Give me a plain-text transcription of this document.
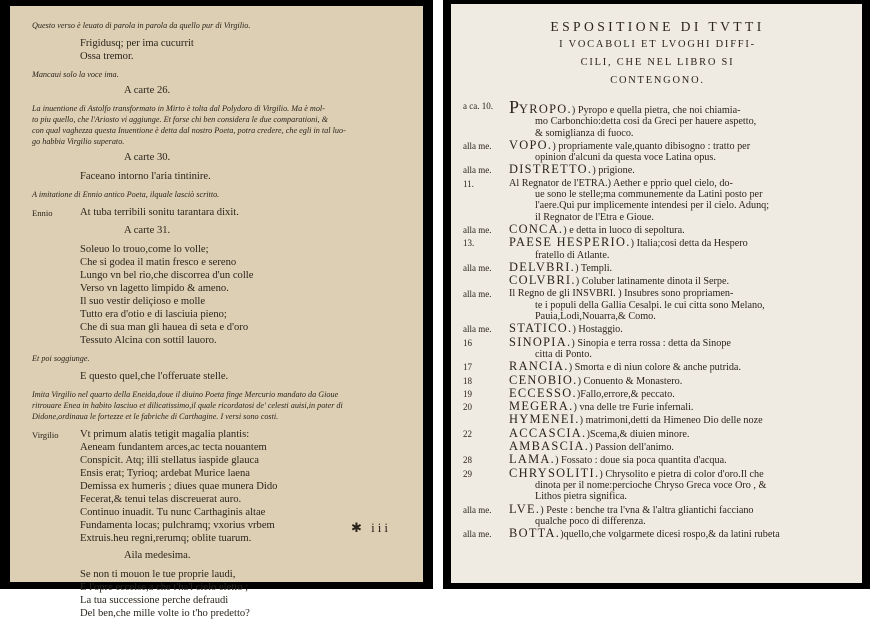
Questo verso è leuato di parola in parola da quello pur di Virgilio.
Frigidusq; per ima cucurrit
Ossa tremor.
Mancaui solo la voce ima.
A carte 26.
La inuentione di Astolfo transformato in Mirto è tolta dal Polydoro di Virgilio. Ma è mol-
to piu quello, che l'Ariosto vi aggiunge. Et forse chi ben considera le due comparationi, &
con qual vaghezza questa Inuentione è detta dal nostro Poeta, potra credere, che egli in tal luo-
go habbia Virgilio superato.
A carte 30.
Faceano intorno l'aria tintinire.
A imitatione di Ennio antico Poeta, ilquale lasciò scritto.
Ennio	At tuba terribili sonitu tarantara dixit.
A carte 31.
Soleuo lo trouo,come lo volle;
Che si godea il matin fresco e sereno
Lungo vn bel rio,che discorrea d'un colle
Verso vn lagetto limpido & ameno.
Il suo vestir deliçioso e molle
Tutto era d'otio e di lasciuia pieno;
Che di sua man gli hauea di seta e d'oro
Tessuto Alcina con sottil lauoro.
Et poi soggiunge.
E questo quel,che l'offeruate stelle.
Imita Virgilio nel quarto della Eneida,doue il diuino Poeta finge Mercurio mandato da Gioue
ritrouare Enea in habito lasciuo et dilicatissimo,il quale ricordatosi de' celesti auisi,in poter di
Didone,ordinaua le fortezze et le fabriche di Carthagine. I versi sono costi.
Virgilio	Vt primum alatis tetigit magalia plantis:
Aeneam fundantem arces,ac tecta nouantem
Conspicit. Atq; illi stellatus iaspide glauca
Ensis erat; Tyrioq; ardebat Murice laena
Demissa ex humeris ; diues quae munera Dido
Fecerat,& tenui telas discreuerat auro.
Continuo inuadit. Tu nunc Carthaginis altae
Fundamenta locas; pulchramq; vxorius vrbem
Extruis.heu regni,rerumq; oblite tuarum.
Aila medesima.
Se non ti mouon le tue proprie laudi,
E l'opre eccelse,a che t'ha'l cielo eletto ;
La tua successione perche defraudi
Del ben,che mille volte io t'ho predetto?
✱ iii
ESPOSITIONE DI TVTTI
I VOCABOLI ET LVOGHI DIFFI-
CILI, CHE NEL LIBRO SI
CONTENGONO.
a ca. 10. PYROPO.) Pyropo e quella pietra, che noi chiamia-
mo Carbonchio:detta cosi da Greci per hauere aspetto,
& somiglianza di fuoco.
alla me.	VOPO.) propriamente vale,quanto dibisogno : tratto per
opinion d'alcuni da questa voce Latina opus.
alla me.	DISTRETTO.) prigione.
11.	Al Regnator de l'ETRA.) Aether e pprio quel cielo, do-
ue sono le stelle;ma communemente da Latini posto per
l'aere.Qui pur implicemente intendesi per il cielo. Adunq;
il Regnator de l'Etra e Gioue.
alla me.	CONCA.) e detta in luoco di sepoltura.
13.	PAESE HESPERIO.) Italia;cosi detta da Hespero
fratello di Atlante.
alla me.	DELVBRI.) Templi.
COLVBRI.) Coluber latinamente dinota il Serpe.
alla me.	Il Regno de gli INSVBRI. ) Insubres sono propriamen-
te i populi della Gallia Cesalpi. le cui citta sono Melano,
Pauia,Lodi,Nouarra,& Como.
alla me.	STATICO.) Hostaggio.
16	SINOPIA.) Sinopia e terra rossa : detta da Sinope
citta di Ponto.
17	RANCIA.) Smorta e di niun colore & anche putrida.
18	CENOBIO.) Conuento & Monastero.
19	ECCESSO.)Fallo,errore,& peccato.
20	MEGERA.) vna delle tre Furie infernali.
HYMENEI.) matrimoni,detti da Himeneo Dio delle noze
22	ACCASCIA.)Scema,& diuien minore.
AMBASCIA.) Passion dell'animo.
28	LAMA.) Fossato : doue sia poca quantita d'acqua.
29	CHRYSOLITI.) Chrysolito e pietra di color d'oro.Il che
dinota per il nome:percioche Chryso Greca voce Oro , &
Lithos pietra significa.
alla me.	LVE.) Peste : benche tra l'vna & l'altra gliantichi facciano
qualche poco di differenza.
alla me.	BOTTA.)quello,che volgarmete dicesi rospo,& da latini rubeta
